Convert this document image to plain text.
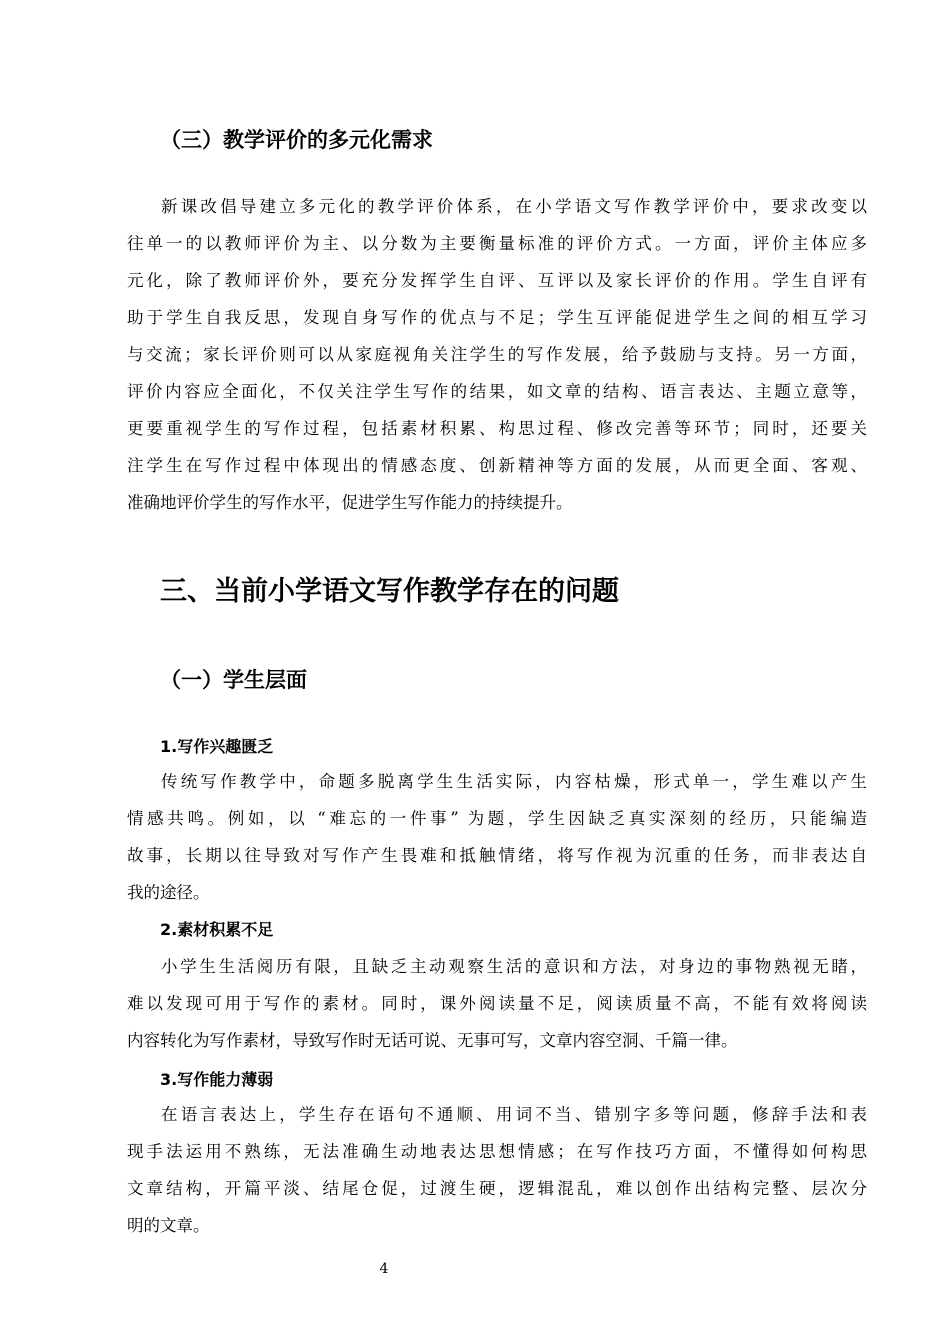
（三）教学评价的多元化需求
新课改倡导建立多元化的教学评价体系，在小学语文写作教学评价中，要求改变以
往单一的以教师评价为主、以分数为主要衡量标准的评价方式。一方面，评价主体应多
元化，除了教师评价外，要充分发挥学生自评、互评以及家长评价的作用。学生自评有
助于学生自我反思，发现自身写作的优点与不足；学生互评能促进学生之间的相互学习
与交流；家长评价则可以从家庭视角关注学生的写作发展，给予鼓励与支持。另一方面，
评价内容应全面化，不仅关注学生写作的结果，如文章的结构、语言表达、主题立意等，
更要重视学生的写作过程，包括素材积累、构思过程、修改完善等环节；同时，还要关
注学生在写作过程中体现出的情感态度、创新精神等方面的发展，从而更全面、客观、
准确地评价学生的写作水平，促进学生写作能力的持续提升。
三、当前小学语文写作教学存在的问题
（一）学生层面
1.写作兴趣匮乏
传统写作教学中，命题多脱离学生生活实际，内容枯燥，形式单一，学生难以产生
情感共鸣。例如，以 “难忘的一件事” 为题，学生因缺乏真实深刻的经历，只能编造
故事，长期以往导致对写作产生畏难和抵触情绪，将写作视为沉重的任务，而非表达自
我的途径。
2.素材积累不足
小学生生活阅历有限，且缺乏主动观察生活的意识和方法，对身边的事物熟视无睹，
难以发现可用于写作的素材。同时，课外阅读量不足，阅读质量不高，不能有效将阅读
内容转化为写作素材，导致写作时无话可说、无事可写，文章内容空洞、千篇一律。
3.写作能力薄弱
在语言表达上，学生存在语句不通顺、用词不当、错别字多等问题，修辞手法和表
现手法运用不熟练，无法准确生动地表达思想情感；在写作技巧方面，不懂得如何构思
文章结构，开篇平淡、结尾仓促，过渡生硬，逻辑混乱，难以创作出结构完整、层次分
明的文章。
4
